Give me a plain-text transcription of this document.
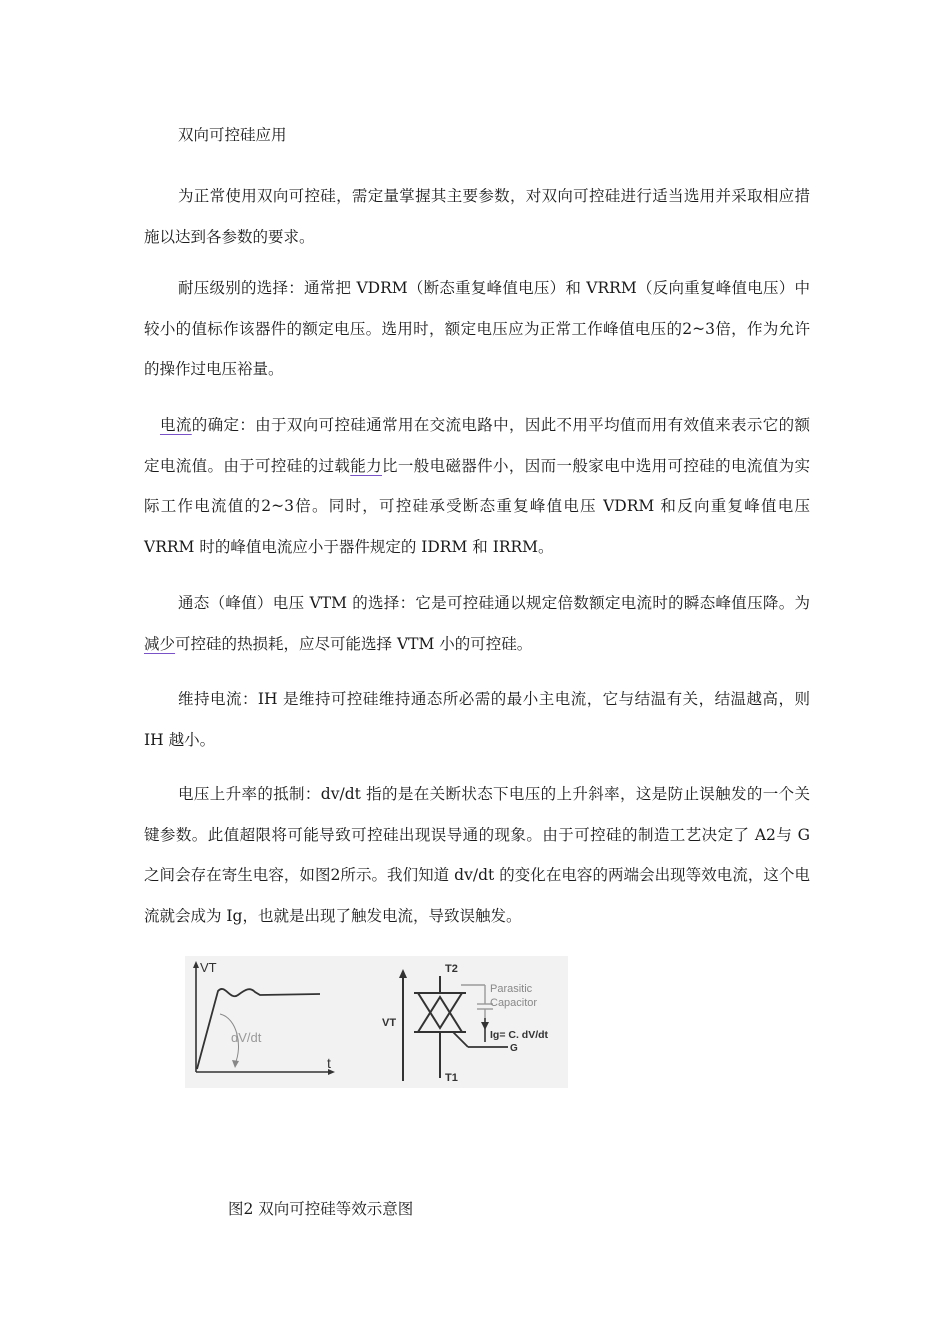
双向可控硅应用

为正常使用双向可控硅，需定量掌握其主要参数，对双向可控硅进行适当选用并采取相应措施以达到各参数的要求。

耐压级别的选择：通常把 VDRM（断态重复峰值电压）和 VRRM（反向重复峰值电压）中较小的值标作该器件的额定电压。选用时，额定电压应为正常工作峰值电压的2~3倍，作为允许的操作过电压裕量。

电流的确定：由于双向可控硅通常用在交流电路中，因此不用平均值而用有效值来表示它的额定电流值。由于可控硅的过载能力比一般电磁器件小，因而一般家电中选用可控硅的电流值为实际工作电流值的2~3倍。同时，可控硅承受断态重复峰值电压 VDRM 和反向重复峰值电压 VRRM 时的峰值电流应小于器件规定的 IDRM 和 IRRM。

通态（峰值）电压 VTM 的选择：它是可控硅通以规定倍数额定电流时的瞬态峰值压降。为减少可控硅的热损耗，应尽可能选择 VTM 小的可控硅。

维持电流：IH 是维持可控硅维持通态所必需的最小主电流，它与结温有关，结温越高，则 IH 越小。

电压上升率的抵制：dv/dt 指的是在关断状态下电压的上升斜率，这是防止误触发的一个关键参数。此值超限将可能导致可控硅出现误导通的现象。由于可控硅的制造工艺决定了 A2与 G 之间会存在寄生电容，如图2所示。我们知道 dv/dt 的变化在电容的两端会出现等效电流，这个电流就会成为 Ig，也就是出现了触发电流，导致误触发。

VT
t
dV/dt
VT
T2
T1
Parasitic
Capacitor
Ig= C. dV/dt
G
图2 双向可控硅等效示意图
